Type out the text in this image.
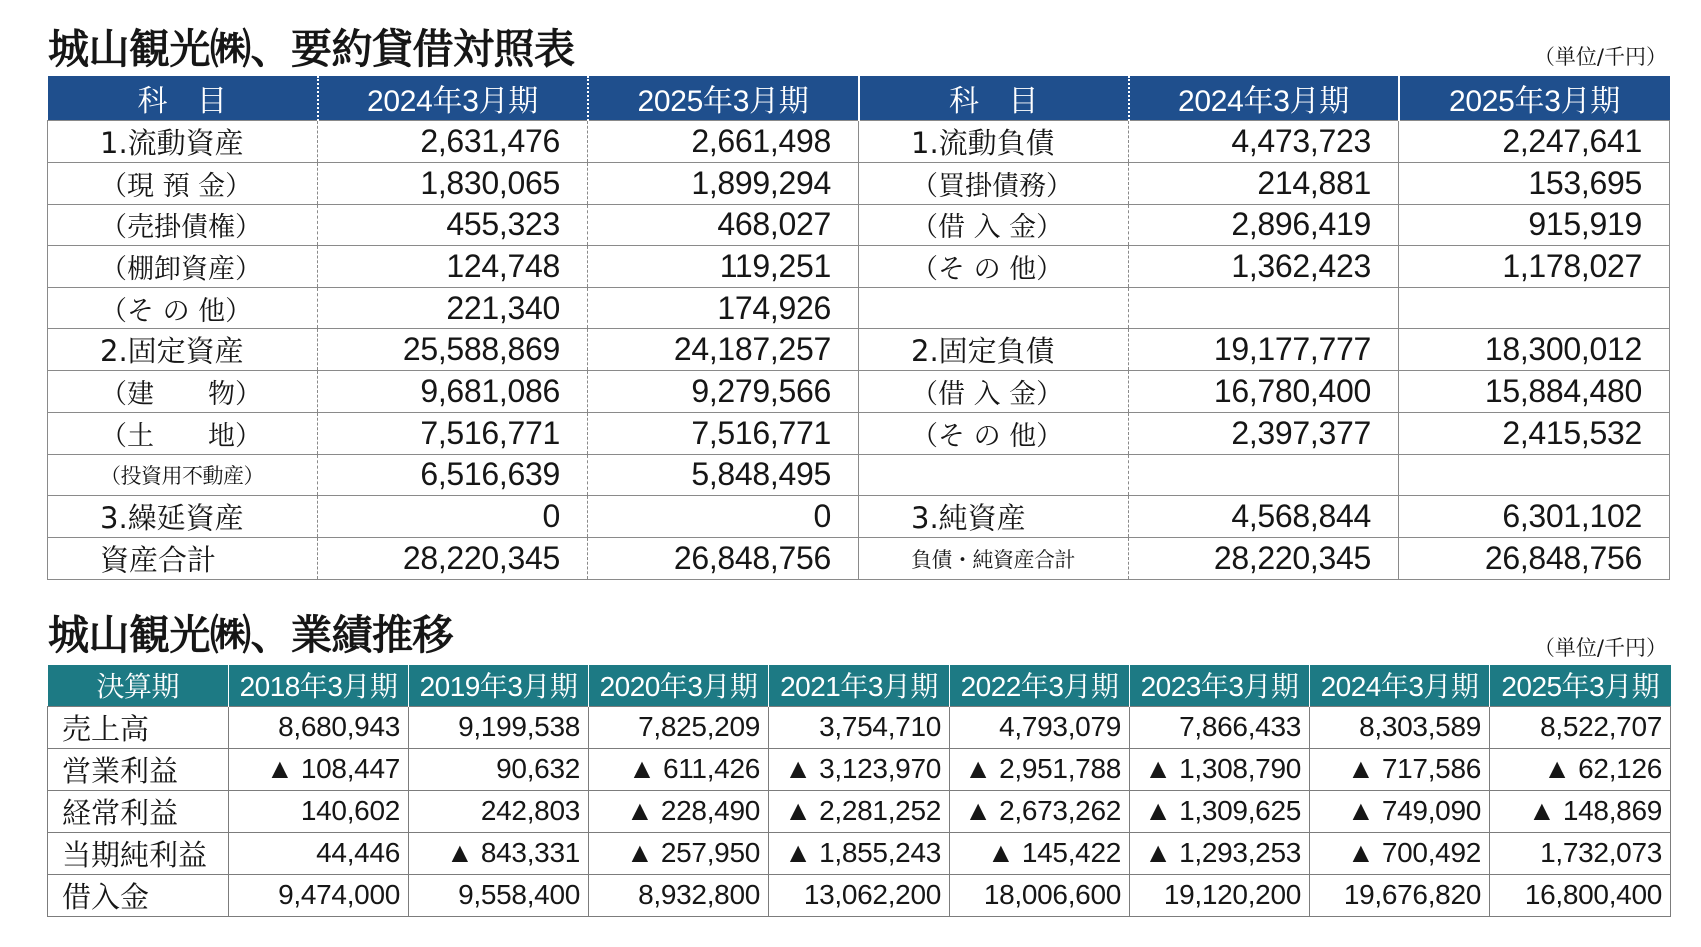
城山観光㈱、要約貸借対照表	（単位/千円）
科　目	2024年3月期	2025年3月期	科　目	2024年3月期	2025年3月期
1.流動資産	2,631,476	2,661,498	1.流動負債	4,473,723	2,247,641
（現 預 金）	1,830,065	1,899,294	（買掛債務）	214,881	153,695
（売掛債権）	455,323	468,027	（借 入 金）	2,896,419	915,919
（棚卸資産）	124,748	119,251	（そ の 他）	1,362,423	1,178,027
（そ の 他）	221,340	174,926			
2.固定資産	25,588,869	24,187,257	2.固定負債	19,177,777	18,300,012
（建　　物）	9,681,086	9,279,566	（借 入 金）	16,780,400	15,884,480
（土　　地）	7,516,771	7,516,771	（そ の 他）	2,397,377	2,415,532
（投資用不動産）	6,516,639	5,848,495			
3.繰延資産	0	0	3.純資産	4,568,844	6,301,102
資産合計	28,220,345	26,848,756	負債・純資産合計	28,220,345	26,848,756
城山観光㈱、業績推移	（単位/千円）
決算期	2018年3月期	2019年3月期	2020年3月期	2021年3月期	2022年3月期	2023年3月期	2024年3月期	2025年3月期
売上高	8,680,943	9,199,538	7,825,209	3,754,710	4,793,079	7,866,433	8,303,589	8,522,707
営業利益	▲ 108,447	90,632	▲ 611,426	▲ 3,123,970	▲ 2,951,788	▲ 1,308,790	▲ 717,586	▲ 62,126
経常利益	140,602	242,803	▲ 228,490	▲ 2,281,252	▲ 2,673,262	▲ 1,309,625	▲ 749,090	▲ 148,869
当期純利益	44,446	▲ 843,331	▲ 257,950	▲ 1,855,243	▲ 145,422	▲ 1,293,253	▲ 700,492	1,732,073
借入金	9,474,000	9,558,400	8,932,800	13,062,200	18,006,600	19,120,200	19,676,820	16,800,400
